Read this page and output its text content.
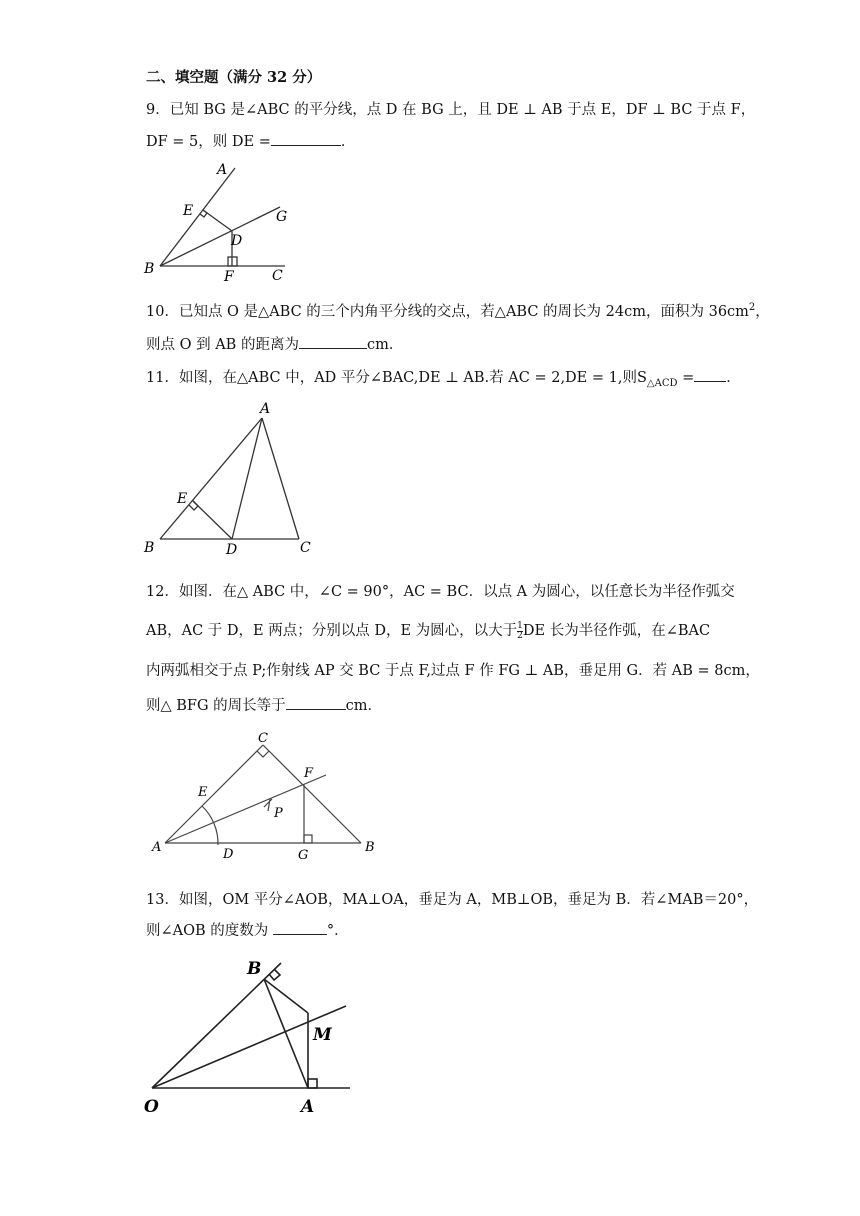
二、填空题（满分 32 分）
9．已知 BG 是∠ABC 的平分线，点 D 在 BG 上，且 DE ⊥ AB 于点 E，DF ⊥ BC 于点 F，
DF = 5，则 DE =	．
A
E	G
D
B	F	C
10．已知点 O 是△ABC 的三个内角平分线的交点，若△ABC 的周长为 24cm，面积为 $36cm^2$，
则点 O 到 AB 的距离为	cm．
11．如图，在△ABC 中，AD 平分∠BAC,DE ⊥ AB.若 AC = 2,DE = 1,则$S_{\triangle ACD}$ = ．
A
E
B	D	C
12．如图．在△ ABC 中，∠C = 90°，AC = BC．以点 A 为圆心，以任意长为半径作弧交
AB，AC 于 D，E 两点；分别以点 D，E 为圆心，以大于 $\frac{1}{2}$ DE 长为半径作弧，在∠BAC
内两弧相交于点 P;作射线 AP 交 BC 于点 F,过点 F 作 FG ⊥ AB，垂足用 G．若 AB = 8cm，
则△ BFG 的周长等于	cm．
C
F
E
P
A	D	G
B
13．如图，OM 平分∠AOB，MA⊥OA，垂足为 A，MB⊥OB，垂足为 B．若∠MAB＝20°，
则∠AOB 的度数为	°．
B
M
O	A
